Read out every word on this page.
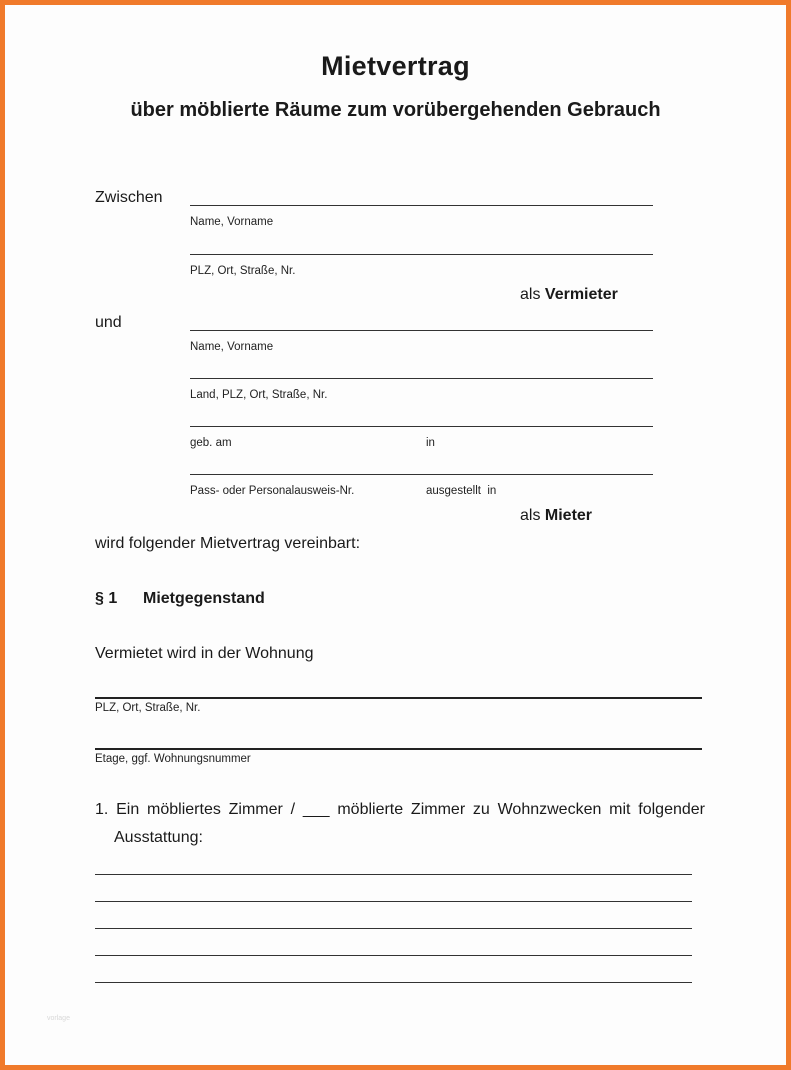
Mietvertrag
über möblierte Räume zum vorübergehenden Gebrauch
Zwischen
Name, Vorname
PLZ, Ort, Straße, Nr.
als Vermieter
und
Name, Vorname
Land, PLZ, Ort, Straße, Nr.
geb. am	in
Pass- oder Personalausweis-Nr.	ausgestellt  in
als Mieter
wird folgender Mietvertrag vereinbart:
§ 1 Mietgegenstand
Vermietet wird in der Wohnung
PLZ, Ort, Straße, Nr.
Etage, ggf. Wohnungsnummer
1. Ein möbliertes Zimmer / ___ möblierte Zimmer zu Wohnzwecken mit folgender
Ausstattung:
vorlage
